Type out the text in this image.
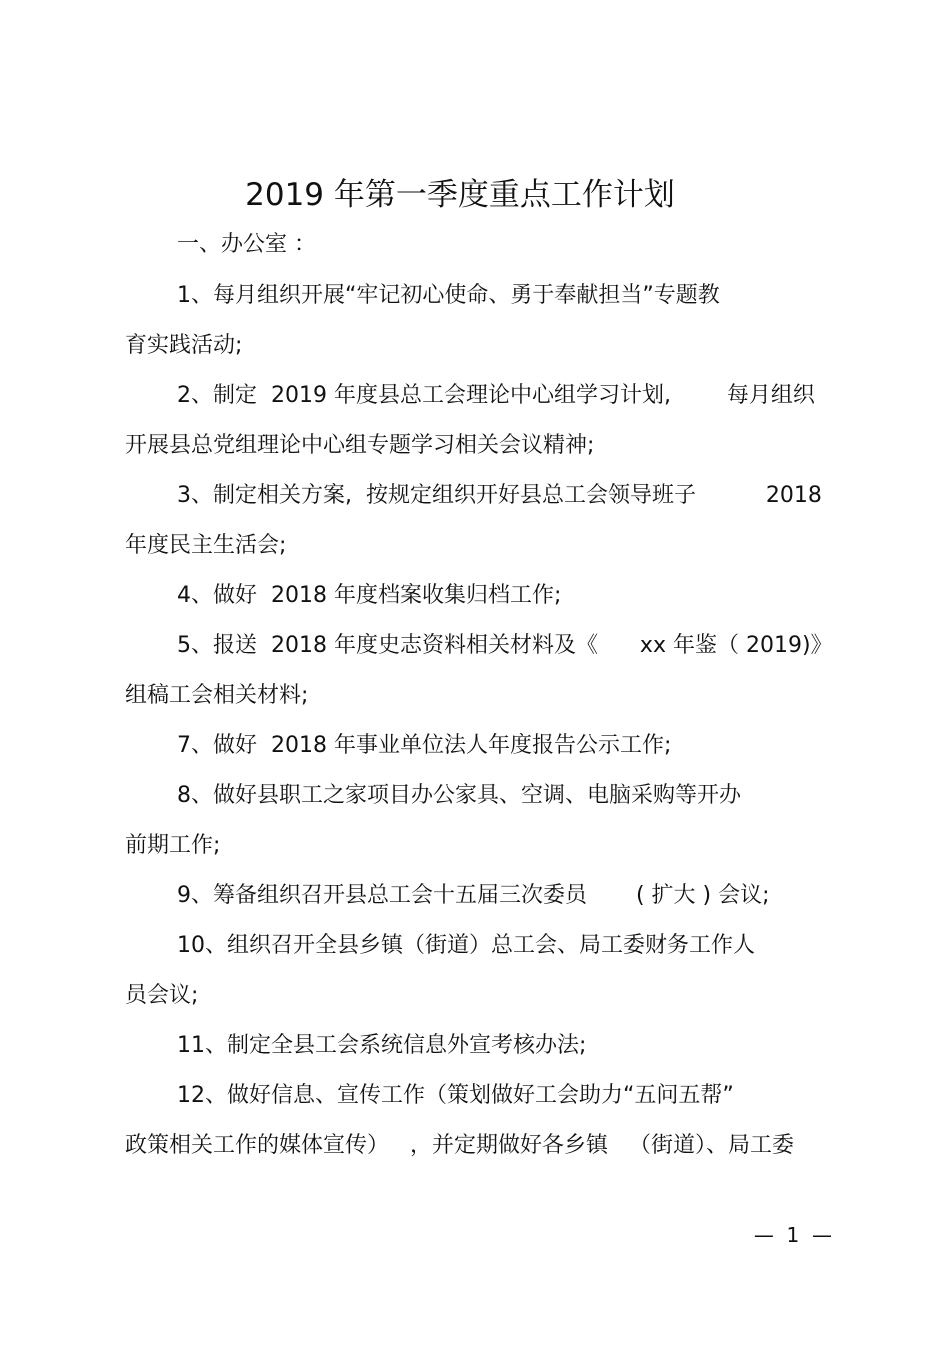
2019 年第一季度重点工作计划
一、办公室 ：
1、每月组织开展“牢记初心使命、勇于奉献担当”专题教
育实践活动;
2、制定  2019 年度县总工会理论中心组学习计划,        每月组织
开展县总党组理论中心组专题学习相关会议精神;
3、制定相关方案,  按规定组织开好县总工会领导班子          2018
年度民主生活会;
4、做好  2018 年度档案收集归档工作;
5、报送  2018 年度史志资料相关材料及《      xx 年鉴（ 2019)》
组稿工会相关材料;
7、做好  2018 年事业单位法人年度报告公示工作;
8、做好县职工之家项目办公家具、空调、电脑采购等开办
前期工作;
9、筹备组织召开县总工会十五届三次委员       ( 扩大 ) 会议;
10、组织召开全县乡镇（街道）总工会、局工委财务工作人
员会议;
11、制定全县工会系统信息外宣考核办法;
12、做好信息、宣传工作（策划做好工会助力“五问五帮”
政策相关工作的媒体宣传）   ，并定期做好各乡镇   （街道）、局工委
—  1  —
